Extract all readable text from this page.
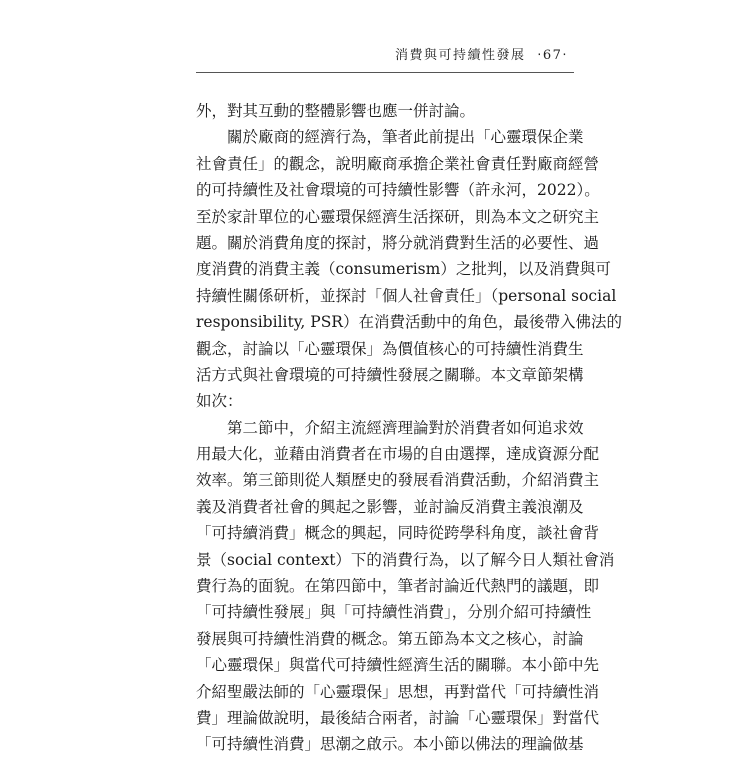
消費與可持續性發展 ‧67‧
外，對其互動的整體影響也應一併討論。
關於廠商的經濟行為，筆者此前提出「心靈環保企業
社會責任」的觀念，說明廠商承擔企業社會責任對廠商經營
的可持續性及社會環境的可持續性影響（許永河，2022）。
至於家計單位的心靈環保經濟生活探研，則為本文之研究主
題。關於消費角度的探討，將分就消費對生活的必要性、過
度消費的消費主義（consumerism）之批判，以及消費與可
持續性關係研析，並探討「個人社會責任」（personal social
responsibility, PSR）在消費活動中的角色，最後帶入佛法的
觀念，討論以「心靈環保」為價值核心的可持續性消費生
活方式與社會環境的可持續性發展之關聯。本文章節架構
如次：
第二節中，介紹主流經濟理論對於消費者如何追求效
用最大化，並藉由消費者在市場的自由選擇，達成資源分配
效率。第三節則從人類歷史的發展看消費活動，介紹消費主
義及消費者社會的興起之影響，並討論反消費主義浪潮及
「可持續消費」概念的興起，同時從跨學科角度，談社會背
景（social context）下的消費行為，以了解今日人類社會消
費行為的面貌。在第四節中，筆者討論近代熱門的議題，即
「可持續性發展」與「可持續性消費」，分別介紹可持續性
發展與可持續性消費的概念。第五節為本文之核心，討論
「心靈環保」與當代可持續性經濟生活的關聯。本小節中先
介紹聖嚴法師的「心靈環保」思想，再對當代「可持續性消
費」理論做說明，最後結合兩者，討論「心靈環保」對當代
「可持續性消費」思潮之啟示。本小節以佛法的理論做基
